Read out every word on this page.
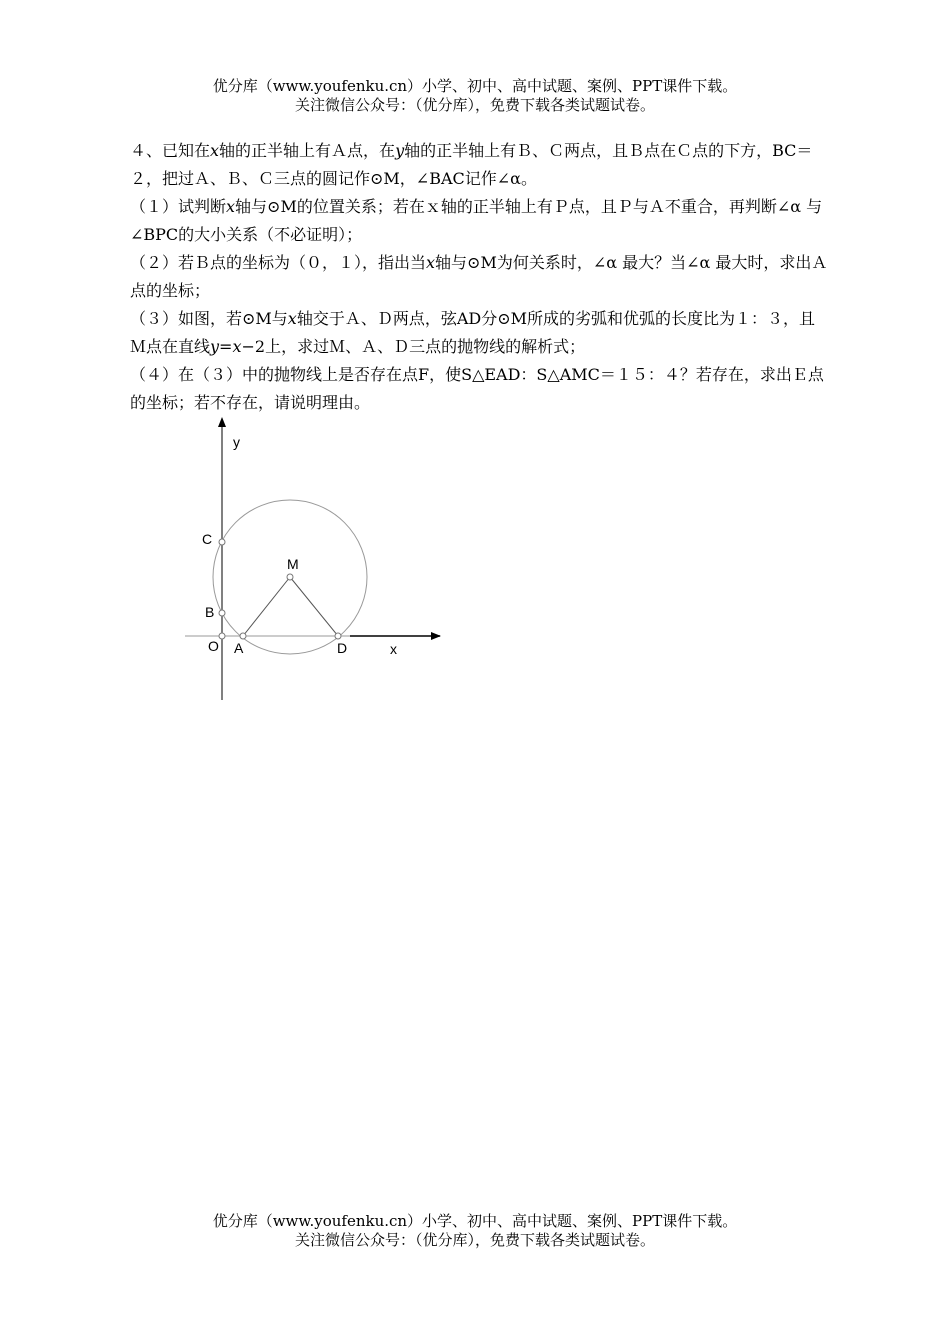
优分库（www.youfenku.cn）小学、初中、高中试题、案例、PPT课件下载。
关注微信公众号：（优分库），免费下载各类试题试卷。

４、已知在x轴的正半轴上有Ａ点，在y轴的正半轴上有Ｂ、Ｃ两点，且Ｂ点在Ｃ点的下方，BC＝２，把过Ａ、Ｂ、Ｃ三点的圆记作⊙M，∠BAC记作∠α。

（１）试判断x轴与⊙M的位置关系；若在ｘ轴的正半轴上有Ｐ点，且Ｐ与Ａ不重合，再判断∠α 与∠BPC的大小关系（不必证明）；

（２）若Ｂ点的坐标为（０，１），指出当x轴与⊙M为何关系时，∠α 最大？当∠α 最大时，求出Ａ点的坐标；

（３）如图，若⊙M与x轴交于Ａ、Ｄ两点，弦AD分⊙M所成的劣弧和优弧的长度比为１：３，且Ｍ点在直线y=x−2上，求过Ｍ、Ａ、Ｄ三点的抛物线的解析式；

（４）在（３）中的抛物线上是否存在点F，使S△EAD：S△AMC＝１５：４？若存在，求出Ｅ点的坐标；若不存在，请说明理由。

y
x
C
M
B
O A	D
优分库（www.youfenku.cn）小学、初中、高中试题、案例、PPT课件下载。
关注微信公众号：（优分库），免费下载各类试题试卷。
